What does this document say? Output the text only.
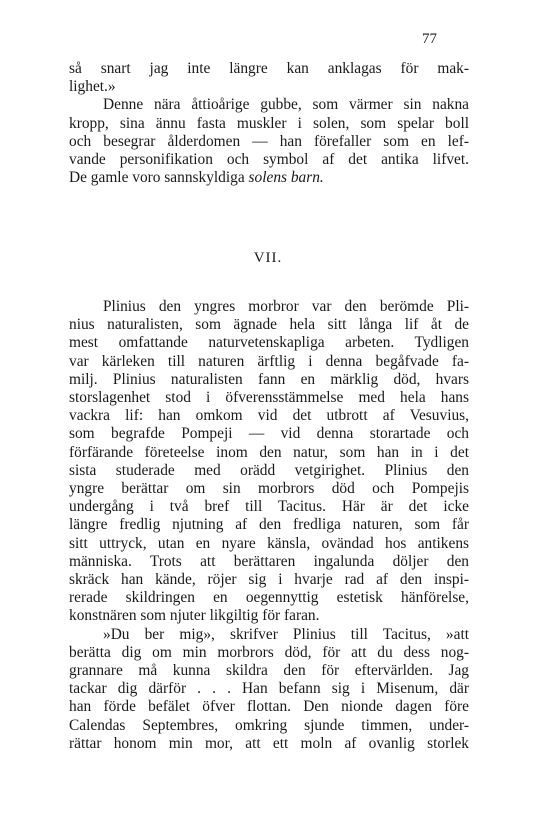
77
så snart jag inte längre kan anklagas för mak-
lighet.»
Denne nära åttioårige gubbe, som värmer sin nakna
kropp, sina ännu fasta muskler i solen, som spelar boll
och besegrar ålderdomen — han förefaller som en lef-
vande personifikation och symbol af det antika lifvet.
De gamle voro sannskyldiga solens barn.
VII.
Plinius den yngres morbror var den berömde Pli-
nius naturalisten, som ägnade hela sitt långa lif åt de
mest omfattande naturvetenskapliga arbeten. Tydligen
var kärleken till naturen ärftlig i denna begåfvade fa-
milj. Plinius naturalisten fann en märklig död, hvars
storslagenhet stod i öfverensstämmelse med hela hans
vackra lif: han omkom vid det utbrott af Vesuvius,
som begrafde Pompeji — vid denna storartade och
förfärande företeelse inom den natur, som han in i det
sista studerade med orädd vetgirighet. Plinius den
yngre berättar om sin morbrors död och Pompejis
undergång i två bref till Tacitus. Här är det icke
längre fredlig njutning af den fredliga naturen, som får
sitt uttryck, utan en nyare känsla, ovändad hos antikens
människa. Trots att berättaren ingalunda döljer den
skräck han kände, röjer sig i hvarje rad af den inspi-
rerade skildringen en oegennyttig estetisk hänförelse,
konstnären som njuter likgiltig för faran.
»Du ber mig», skrifver Plinius till Tacitus, »att
berätta dig om min morbrors död, för att du dess nog-
grannare må kunna skildra den för eftervärlden. Jag
tackar dig därför . . . Han befann sig i Misenum, där
han förde befälet öfver flottan. Den nionde dagen före
Calendas Septembres, omkring sjunde timmen, under-
rättar honom min mor, att ett moln af ovanlig storlek
